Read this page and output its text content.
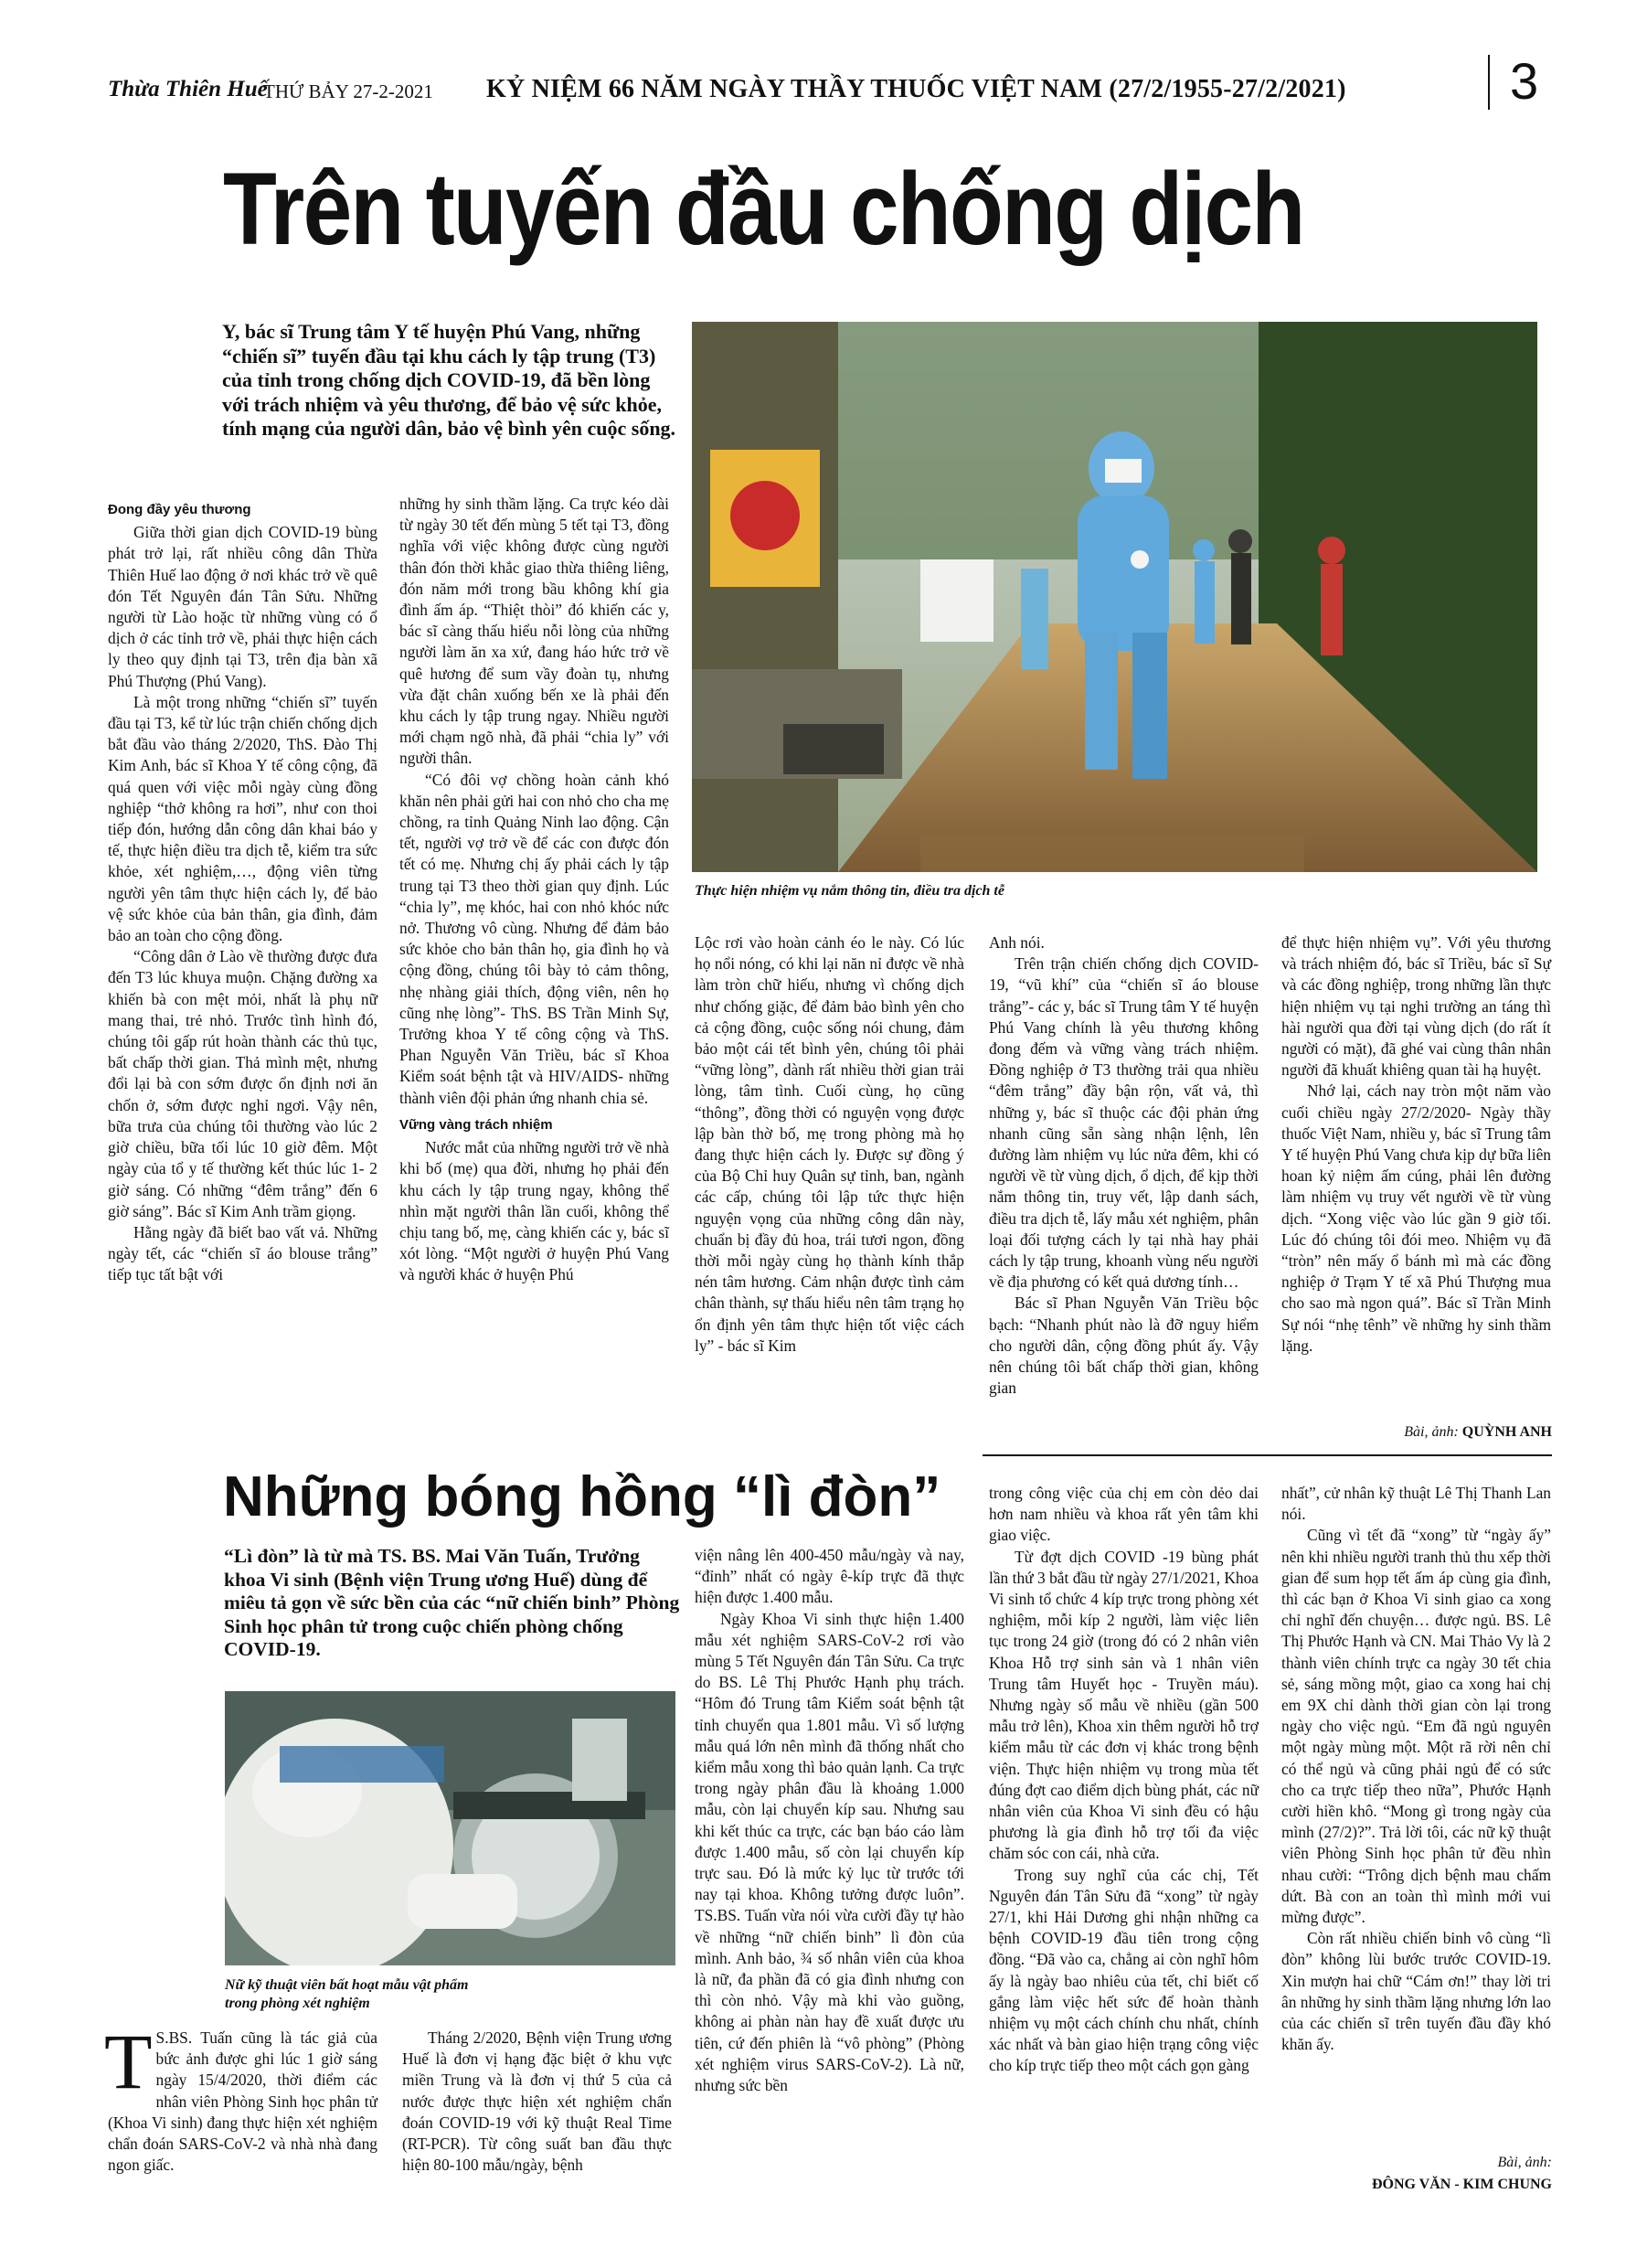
Thừa Thiên Huế
THỨ BẢY 27-2-2021 KỶ NIỆM 66 NĂM NGÀY THẦY THUỐC VIỆT NAM (27/2/1955-27/2/2021)	3
Trên tuyến đầu chống dịch
Y, bác sĩ Trung tâm Y tế huyện Phú Vang, những “chiến sĩ” tuyến đầu tại khu cách ly tập trung (T3) của tỉnh trong chống dịch COVID-19, đã bền lòng với trách nhiệm và yêu thương, để bảo vệ sức khỏe, tính mạng của người dân, bảo vệ bình yên cuộc sống.
Thực hiện nhiệm vụ nắm thông tin, điều tra dịch tễ
Đong đầy yêu thương

Giữa thời gian dịch COVID-19 bùng phát trở lại, rất nhiều công dân Thừa Thiên Huế lao động ở nơi khác trở về quê đón Tết Nguyên đán Tân Sửu. Những người từ Lào hoặc từ những vùng có ổ dịch ở các tỉnh trở về, phải thực hiện cách ly theo quy định tại T3, trên địa bàn xã Phú Thượng (Phú Vang).

Là một trong những “chiến sĩ” tuyến đầu tại T3, kể từ lúc trận chiến chống dịch bắt đầu vào tháng 2/2020, ThS. Đào Thị Kim Anh, bác sĩ Khoa Y tế công cộng, đã quá quen với việc mỗi ngày cùng đồng nghiệp “thở không ra hơi”, như con thoi tiếp đón, hướng dẫn công dân khai báo y tế, thực hiện điều tra dịch tễ, kiểm tra sức khỏe, xét nghiệm,…, động viên từng người yên tâm thực hiện cách ly, để bảo vệ sức khỏe của bản thân, gia đình, đảm bảo an toàn cho cộng đồng.

“Công dân ở Lào về thường được đưa đến T3 lúc khuya muộn. Chặng đường xa khiến bà con mệt mỏi, nhất là phụ nữ mang thai, trẻ nhỏ. Trước tình hình đó, chúng tôi gấp rút hoàn thành các thủ tục, bất chấp thời gian. Thả mình mệt, nhưng đổi lại bà con sớm được ổn định nơi ăn chốn ở, sớm được nghỉ ngơi. Vậy nên, bữa trưa của chúng tôi thường vào lúc 2 giờ chiều, bữa tối lúc 10 giờ đêm. Một ngày của tổ y tế thường kết thúc lúc 1- 2 giờ sáng. Có những “đêm trắng” đến 6 giờ sáng”. Bác sĩ Kim Anh trầm giọng.

Hằng ngày đã biết bao vất vả. Những ngày tết, các “chiến sĩ áo blouse trắng” tiếp tục tất bật với

những hy sinh thầm lặng. Ca trực kéo dài từ ngày 30 tết đến mùng 5 tết tại T3, đồng nghĩa với việc không được cùng người thân đón thời khắc giao thừa thiêng liêng, đón năm mới trong bầu không khí gia đình ấm áp. “Thiệt thòi” đó khiến các y, bác sĩ càng thấu hiểu nỗi lòng của những người làm ăn xa xứ, đang háo hức trở về quê hương để sum vầy đoàn tụ, nhưng vừa đặt chân xuống bến xe là phải đến khu cách ly tập trung ngay. Nhiều người mới chạm ngõ nhà, đã phải “chia ly” với người thân.

“Có đôi vợ chồng hoàn cảnh khó khăn nên phải gửi hai con nhỏ cho cha mẹ chồng, ra tỉnh Quảng Ninh lao động. Cận tết, người vợ trở về để các con được đón tết có mẹ. Nhưng chị ấy phải cách ly tập trung tại T3 theo thời gian quy định. Lúc “chia ly”, mẹ khóc, hai con nhỏ khóc nức nở. Thương vô cùng. Nhưng để đảm bảo sức khỏe cho bản thân họ, gia đình họ và cộng đồng, chúng tôi bày tỏ cảm thông, nhẹ nhàng giải thích, động viên, nên họ cũng nhẹ lòng”- ThS. BS Trần Minh Sự, Trưởng khoa Y tế công cộng và ThS. Phan Nguyễn Văn Triều, bác sĩ Khoa Kiểm soát bệnh tật và HIV/AIDS- những thành viên đội phản ứng nhanh chia sẻ.

Vững vàng trách nhiệm

Nước mắt của những người trở về nhà khi bố (mẹ) qua đời, nhưng họ phải đến khu cách ly tập trung ngay, không thể nhìn mặt người thân lần cuối, không thể chịu tang bố, mẹ, càng khiến các y, bác sĩ xót lòng. “Một người ở huyện Phú Vang và người khác ở huyện Phú

Lộc rơi vào hoàn cảnh éo le này. Có lúc họ nổi nóng, có khi lại năn nỉ được về nhà làm tròn chữ hiếu, nhưng vì chống dịch như chống giặc, để đảm bảo bình yên cho cả cộng đồng, cuộc sống nói chung, đảm bảo một cái tết bình yên, chúng tôi phải “vững lòng”, dành rất nhiều thời gian trải lòng, tâm tình. Cuối cùng, họ cũng “thông”, đồng thời có nguyện vọng được lập bàn thờ bố, mẹ trong phòng mà họ đang thực hiện cách ly. Được sự đồng ý của Bộ Chỉ huy Quân sự tỉnh, ban, ngành các cấp, chúng tôi lập tức thực hiện nguyện vọng của những công dân này, chuẩn bị đầy đủ hoa, trái tươi ngon, đồng thời mỗi ngày cùng họ thành kính thắp nén tâm hương. Cảm nhận được tình cảm chân thành, sự thấu hiểu nên tâm trạng họ ổn định yên tâm thực hiện tốt việc cách ly” - bác sĩ Kim

Anh nói.

Trên trận chiến chống dịch COVID-19, “vũ khí” của “chiến sĩ áo blouse trắng”- các y, bác sĩ Trung tâm Y tế huyện Phú Vang chính là yêu thương không đong đếm và vững vàng trách nhiệm. Đồng nghiệp ở T3 thường trải qua nhiều “đêm trắng” đầy bận rộn, vất vả, thì những y, bác sĩ thuộc các đội phản ứng nhanh cũng sẵn sàng nhận lệnh, lên đường làm nhiệm vụ lúc nửa đêm, khi có người về từ vùng dịch, ổ dịch, để kịp thời nắm thông tin, truy vết, lập danh sách, điều tra dịch tễ, lấy mẫu xét nghiệm, phân loại đối tượng cách ly tại nhà hay phải cách ly tập trung, khoanh vùng nếu người về địa phương có kết quả dương tính…

Bác sĩ Phan Nguyễn Văn Triều bộc bạch: “Nhanh phút nào là đỡ nguy hiểm cho người dân, cộng đồng phút ấy. Vậy nên chúng tôi bất chấp thời gian, không gian

để thực hiện nhiệm vụ”. Với yêu thương và trách nhiệm đó, bác sĩ Triều, bác sĩ Sự và các đồng nghiệp, trong những lần thực hiện nhiệm vụ tại nghi trường an táng thì hài người qua đời tại vùng dịch (do rất ít người có mặt), đã ghé vai cùng thân nhân người đã khuất khiêng quan tài hạ huyệt.

Nhớ lại, cách nay tròn một năm vào cuối chiều ngày 27/2/2020- Ngày thầy thuốc Việt Nam, nhiều y, bác sĩ Trung tâm Y tế huyện Phú Vang chưa kịp dự bữa liên hoan kỷ niệm ấm cúng, phải lên đường làm nhiệm vụ truy vết người về từ vùng dịch. “Xong việc vào lúc gần 9 giờ tối. Lúc đó chúng tôi đói meo. Nhiệm vụ đã “tròn” nên mấy ổ bánh mì mà các đồng nghiệp ở Trạm Y tế xã Phú Thượng mua cho sao mà ngon quá”. Bác sĩ Trần Minh Sự nói “nhẹ tênh” về những hy sinh thầm lặng.

Bài, ảnh: QUỲNH ANH
Những bóng hồng “lì đòn”
“Lì đòn” là từ mà TS. BS. Mai Văn Tuấn, Trưởng khoa Vi sinh (Bệnh viện Trung ương Huế) dùng để miêu tả gọn về sức bền của các “nữ chiến binh” Phòng Sinh học phân tử trong cuộc chiến phòng chống COVID-19.
Nữ kỹ thuật viên bất hoạt mẫu vật phẩm
trong phòng xét nghiệm
T S.BS. Tuấn cũng là tác giả của bức ảnh được ghi lúc 1 giờ sáng ngày 15/4/2020, thời điểm các nhân viên Phòng Sinh học phân tử (Khoa Vi sinh) đang thực hiện xét nghiệm chẩn đoán SARS-CoV-2 và nhà nhà đang ngon giấc.

Tháng 2/2020, Bệnh viện Trung ương Huế là đơn vị hạng đặc biệt ở khu vực miền Trung và là đơn vị thứ 5 của cả nước được thực hiện xét nghiệm chẩn đoán COVID-19 với kỹ thuật Real Time (RT-PCR). Từ công suất ban đầu thực hiện 80-100 mẫu/ngày, bệnh

viện nâng lên 400-450 mẫu/ngày và nay, “đỉnh” nhất có ngày ê-kíp trực đã thực hiện được 1.400 mẫu.

Ngày Khoa Vi sinh thực hiện 1.400 mẫu xét nghiệm SARS-CoV-2 rơi vào mùng 5 Tết Nguyên đán Tân Sửu. Ca trực do BS. Lê Thị Phước Hạnh phụ trách. “Hôm đó Trung tâm Kiểm soát bệnh tật tỉnh chuyển qua 1.801 mẫu. Vì số lượng mẫu quá lớn nên mình đã thống nhất cho kiểm mẫu xong thì bảo quản lạnh. Ca trực trong ngày phân đầu là khoảng 1.000 mẫu, còn lại chuyển kíp sau. Nhưng sau khi kết thúc ca trực, các bạn báo cáo làm được 1.400 mẫu, số còn lại chuyển kíp trực sau. Đó là mức kỷ lục từ trước tới nay tại khoa. Không tưởng được luôn”. TS.BS. Tuấn vừa nói vừa cười đầy tự hào về những “nữ chiến binh” lì đòn của mình. Anh bảo, ¾ số nhân viên của khoa là nữ, đa phần đã có gia đình nhưng con thì còn nhỏ. Vậy mà khi vào guồng, không ai phàn nàn hay đề xuất được ưu tiên, cứ đến phiên là “vô phòng” (Phòng xét nghiệm virus SARS-CoV-2). Là nữ, nhưng sức bền

trong công việc của chị em còn dẻo dai hơn nam nhiều và khoa rất yên tâm khi giao việc.

Từ đợt dịch COVID -19 bùng phát lần thứ 3 bắt đầu từ ngày 27/1/2021, Khoa Vi sinh tổ chức 4 kíp trực trong phòng xét nghiệm, mỗi kíp 2 người, làm việc liên tục trong 24 giờ (trong đó có 2 nhân viên Khoa Hỗ trợ sinh sản và 1 nhân viên Trung tâm Huyết học - Truyền máu). Nhưng ngày số mẫu về nhiều (gần 500 mẫu trở lên), Khoa xin thêm người hỗ trợ kiểm mẫu từ các đơn vị khác trong bệnh viện. Thực hiện nhiệm vụ trong mùa tết đúng đợt cao điểm dịch bùng phát, các nữ nhân viên của Khoa Vi sinh đều có hậu phương là gia đình hỗ trợ tối đa việc chăm sóc con cái, nhà cửa.

Trong suy nghĩ của các chị, Tết Nguyên đán Tân Sửu đã “xong” từ ngày 27/1, khi Hải Dương ghi nhận những ca bệnh COVID-19 đầu tiên trong cộng đồng. “Đã vào ca, chẳng ai còn nghĩ hôm ấy là ngày bao nhiêu của tết, chỉ biết cố gắng làm việc hết sức để hoàn thành nhiệm vụ một cách chính chu nhất, chính xác nhất và bàn giao hiện trạng công việc cho kíp trực tiếp theo một cách gọn gàng

nhất”, cử nhân kỹ thuật Lê Thị Thanh Lan nói.

Cũng vì tết đã “xong” từ “ngày ấy” nên khi nhiều người tranh thủ thu xếp thời gian để sum họp tết ấm áp cùng gia đình, thì các bạn ở Khoa Vi sinh giao ca xong chỉ nghĩ đến chuyện… được ngủ. BS. Lê Thị Phước Hạnh và CN. Mai Thảo Vy là 2 thành viên chính trực ca ngày 30 tết chia sẻ, sáng mồng một, giao ca xong hai chị em 9X chỉ dành thời gian còn lại trong ngày cho việc ngủ. “Em đã ngủ nguyên một ngày mùng một. Một rã rời nên chỉ có thể ngủ và cũng phải ngủ để có sức cho ca trực tiếp theo nữa”, Phước Hạnh cười hiền khô. “Mong gì trong ngày của mình (27/2)?”. Trả lời tôi, các nữ kỹ thuật viên Phòng Sinh học phân tử đều nhìn nhau cười: “Trông dịch bệnh mau chấm dứt. Bà con an toàn thì mình mới vui mừng được”.

Còn rất nhiều chiến binh vô cùng “lì đòn” không lùi bước trước COVID-19. Xin mượn hai chữ “Cám ơn!” thay lời tri ân những hy sinh thầm lặng nhưng lớn lao của các chiến sĩ trên tuyến đầu đầy khó khăn ấy.

Bài, ảnh:
ĐÔNG VĂN - KIM CHUNG
